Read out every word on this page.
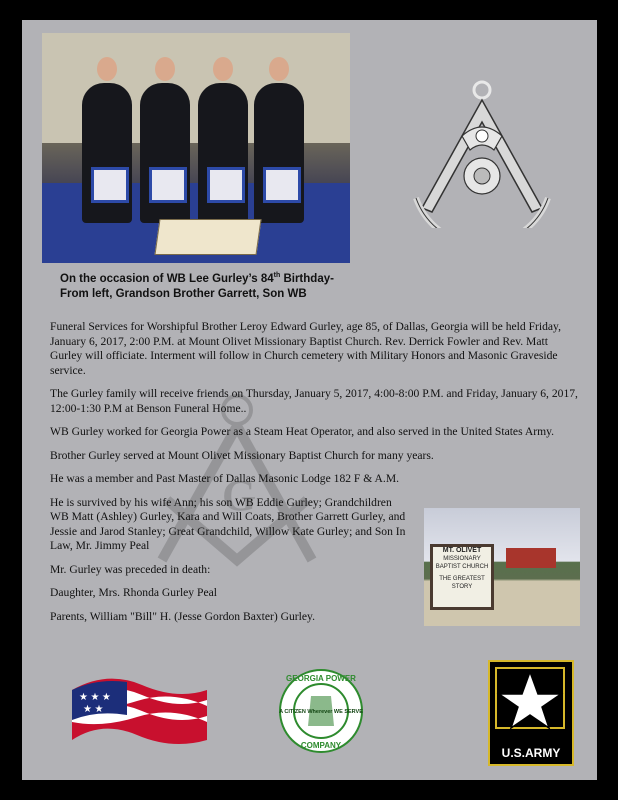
On the occasion of WB Lee Gurley’s 84th Birthday-
From left, Grandson Brother Garrett, Son WB
G

Funeral Services for Worshipful Brother Leroy Edward Gurley, age 85, of Dallas, Georgia will be held Friday, January 6, 2017, 2:00 P.M. at Mount Olivet Missionary Baptist Church. Rev. Derrick Fowler and Rev. Matt Gurley will officiate. Interment will follow in Church cemetery with Military Honors and Masonic Graveside service.

The Gurley family will receive friends on Thursday, January 5, 2017, 4:00-8:00 P.M. and Friday, January 6, 2017, 12:00-1:30 P.M at Benson Funeral Home..

WB Gurley worked for Georgia Power as a Steam Heat Operator, and also served in the United States Army.

Brother Gurley served at Mount Olivet Missionary Baptist Church for many years.

He was a member and Past Master of Dallas Masonic Lodge 182 F & A.M.

He is survived by his wife Ann; his son WB Eddie Gurley; Grandchildren WB Matt (Ashley) Gurley, Kara and Will Coats, Brother Garrett Gurley, and Jessie and Jarod Stanley; Great Grandchild, Willow Kate Gurley; and Son In Law, Mr. Jimmy Peal

Mr. Gurley was preceded in death:

Daughter, Mrs. Rhonda Gurley Peal

Parents, William "Bill" H. (Jesse Gordon Baxter) Gurley.

MT. OLIVET
MISSIONARY BAPTIST CHURCH
THE GREATEST STORY
★ ★ ★
★ ★	A CITIZEN Wherever WE SERVE
GEORGIA POWER
COMPANY
U.S.ARMY
